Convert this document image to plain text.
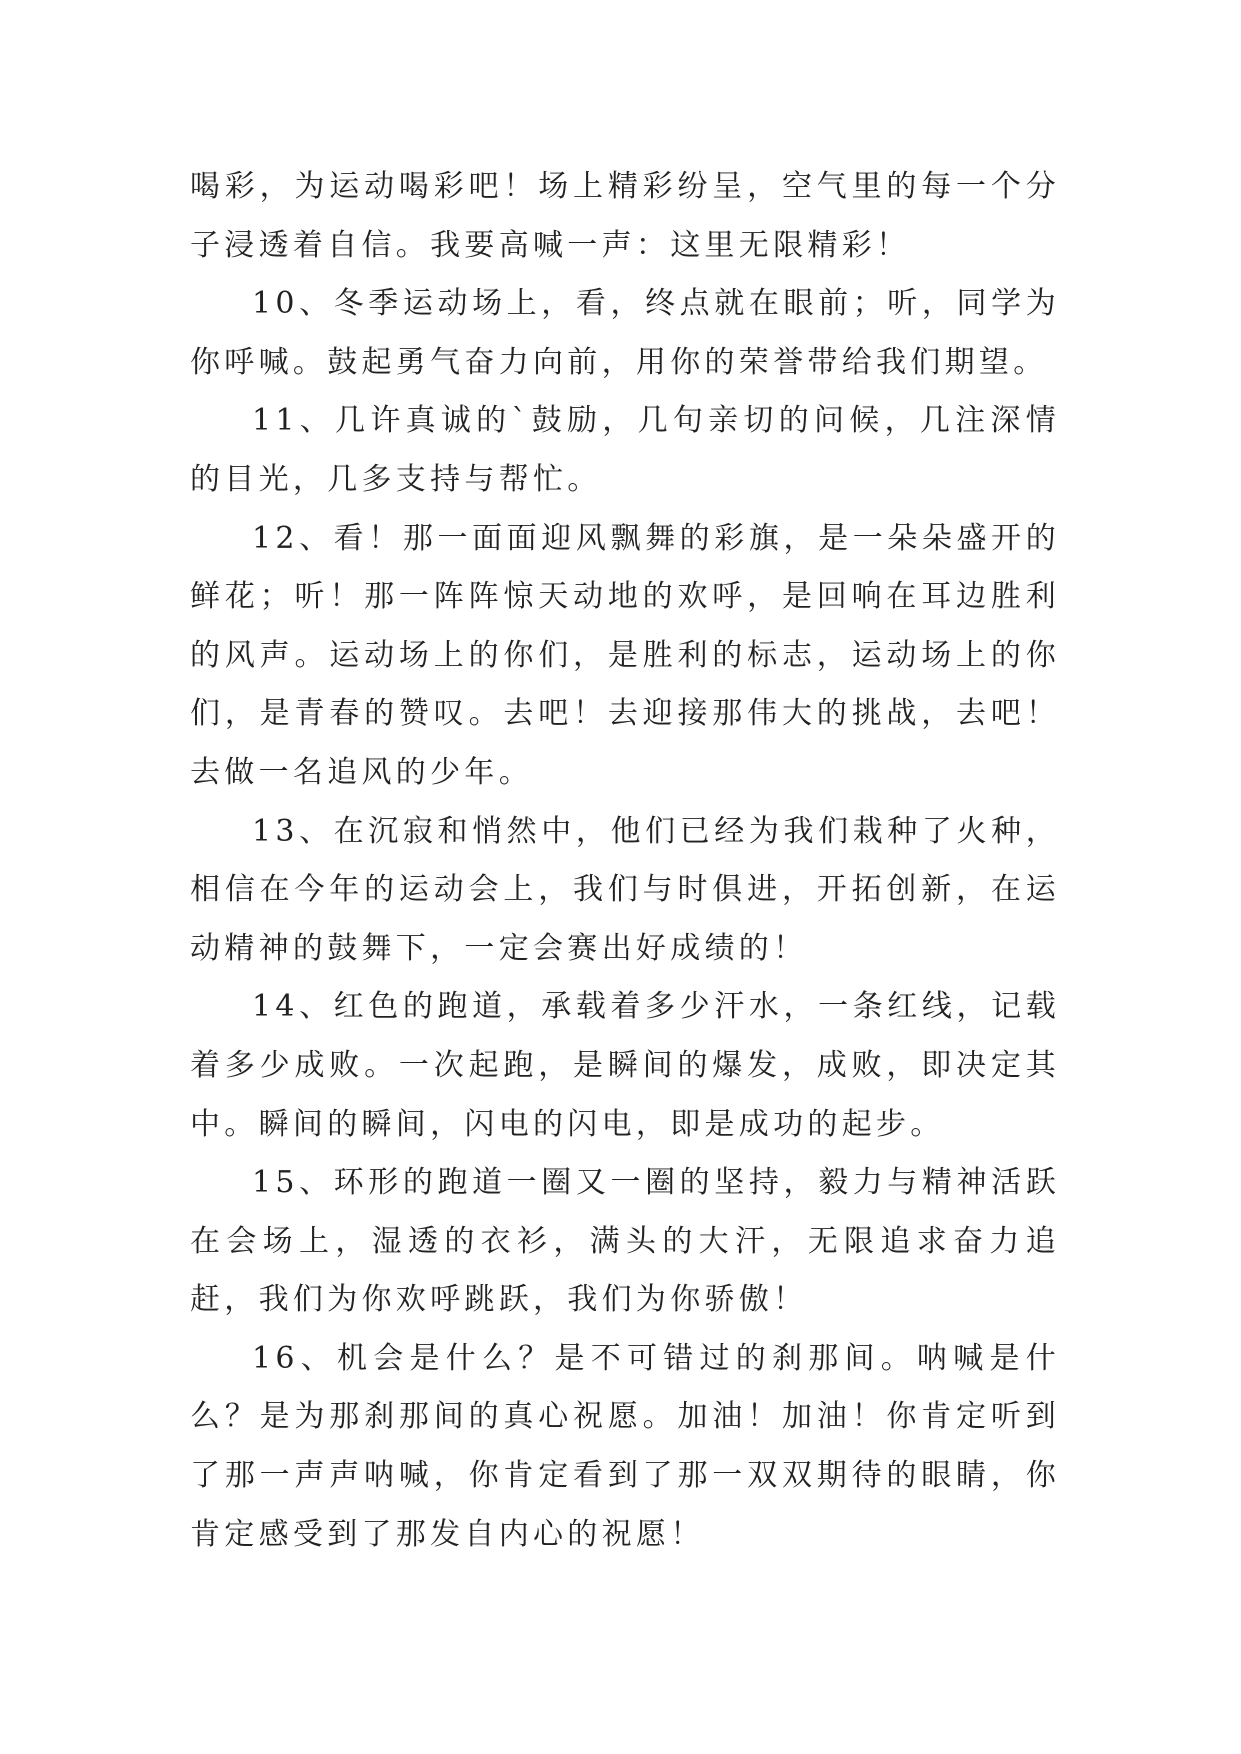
喝彩，为运动喝彩吧！场上精彩纷呈，空气里的每一个分子浸透着自信。我要高喊一声：这里无限精彩！

10、冬季运动场上，看，终点就在眼前；听，同学为你呼喊。鼓起勇气奋力向前，用你的荣誉带给我们期望。

11、几许真诚的`鼓励，几句亲切的问候，几注深情的目光，几多支持与帮忙。

12、看！那一面面迎风飘舞的彩旗，是一朵朵盛开的鲜花；听！那一阵阵惊天动地的欢呼，是回响在耳边胜利的风声。运动场上的你们，是胜利的标志，运动场上的你们，是青春的赞叹。去吧！去迎接那伟大的挑战，去吧！去做一名追风的少年。

13、在沉寂和悄然中，他们已经为我们栽种了火种，相信在今年的运动会上，我们与时俱进，开拓创新，在运动精神的鼓舞下，一定会赛出好成绩的！

14、红色的跑道，承载着多少汗水，一条红线，记载着多少成败。一次起跑，是瞬间的爆发，成败，即决定其中。瞬间的瞬间，闪电的闪电，即是成功的起步。

15、环形的跑道一圈又一圈的坚持，毅力与精神活跃在会场上，湿透的衣衫，满头的大汗，无限追求奋力追赶，我们为你欢呼跳跃，我们为你骄傲！

16、机会是什么？是不可错过的刹那间。呐喊是什么？是为那刹那间的真心祝愿。加油！加油！你肯定听到了那一声声呐喊，你肯定看到了那一双双期待的眼睛，你肯定感受到了那发自内心的祝愿！
